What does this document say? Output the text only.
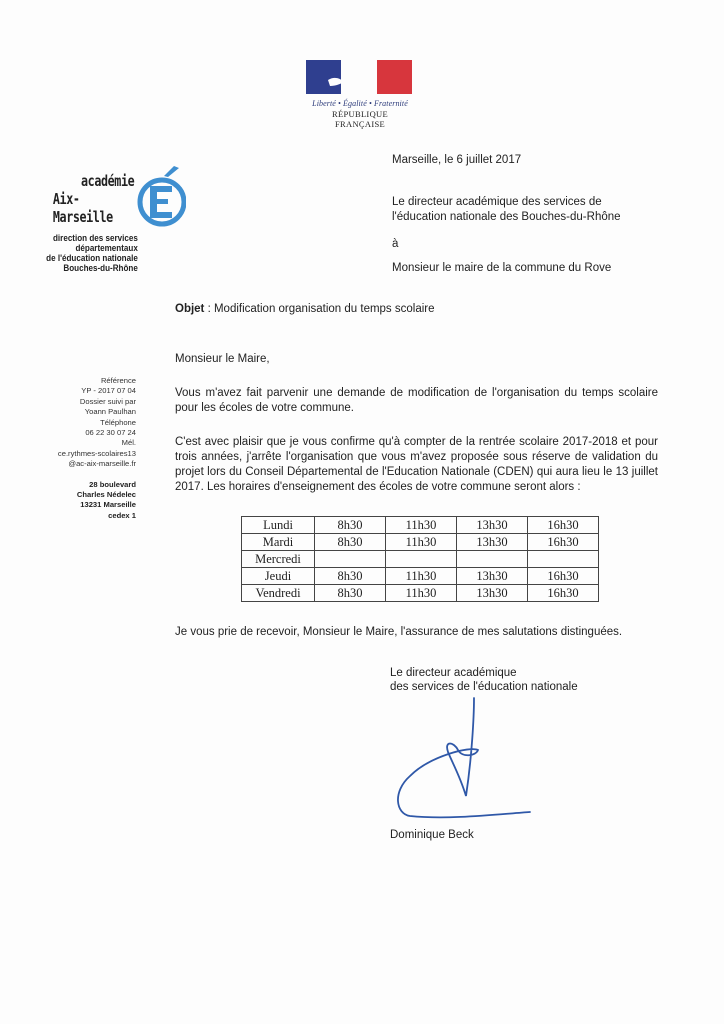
Liberté • Égalité • Fraternité
RÉPUBLIQUE FRANÇAISE
académie
Aix-Marseille
direction des services
départementaux
de l'éducation nationale
Bouches-du-Rhône
Référence
YP - 2017 07 04
Dossier suivi par
Yoann Paulhan
Téléphone
06 22 30 07 24
Mél.
ce.rythmes-scolaires13
@ac-aix-marseille.fr
28 boulevard
Charles Nédelec
13231 Marseille
cedex 1
Marseille, le 6 juillet 2017
Le directeur académique des services de
l'éducation nationale des Bouches-du-Rhône
à
Monsieur le maire de la commune du Rove
Objet : Modification organisation du temps scolaire
Monsieur le Maire,
Vous m'avez fait parvenir une demande de modification de l'organisation du temps scolaire pour les écoles de votre commune.
C'est avec plaisir que je vous confirme qu'à compter de la rentrée scolaire 2017-2018 et pour trois années, j'arrête l'organisation que vous m'avez proposée sous réserve de validation du projet lors du Conseil Départemental de l'Education Nationale (CDEN) qui aura lieu le 13 juillet 2017. Les horaires d'enseignement des écoles de votre commune seront alors :
Lundi	8h30	11h30	13h30	16h30
Mardi	8h30	11h30	13h30	16h30
Mercredi				
Jeudi	8h30	11h30	13h30	16h30
Vendredi	8h30	11h30	13h30	16h30
Je vous prie de recevoir, Monsieur le Maire, l'assurance de mes salutations distinguées.
Le directeur académique
des services de l'éducation nationale
Dominique Beck
